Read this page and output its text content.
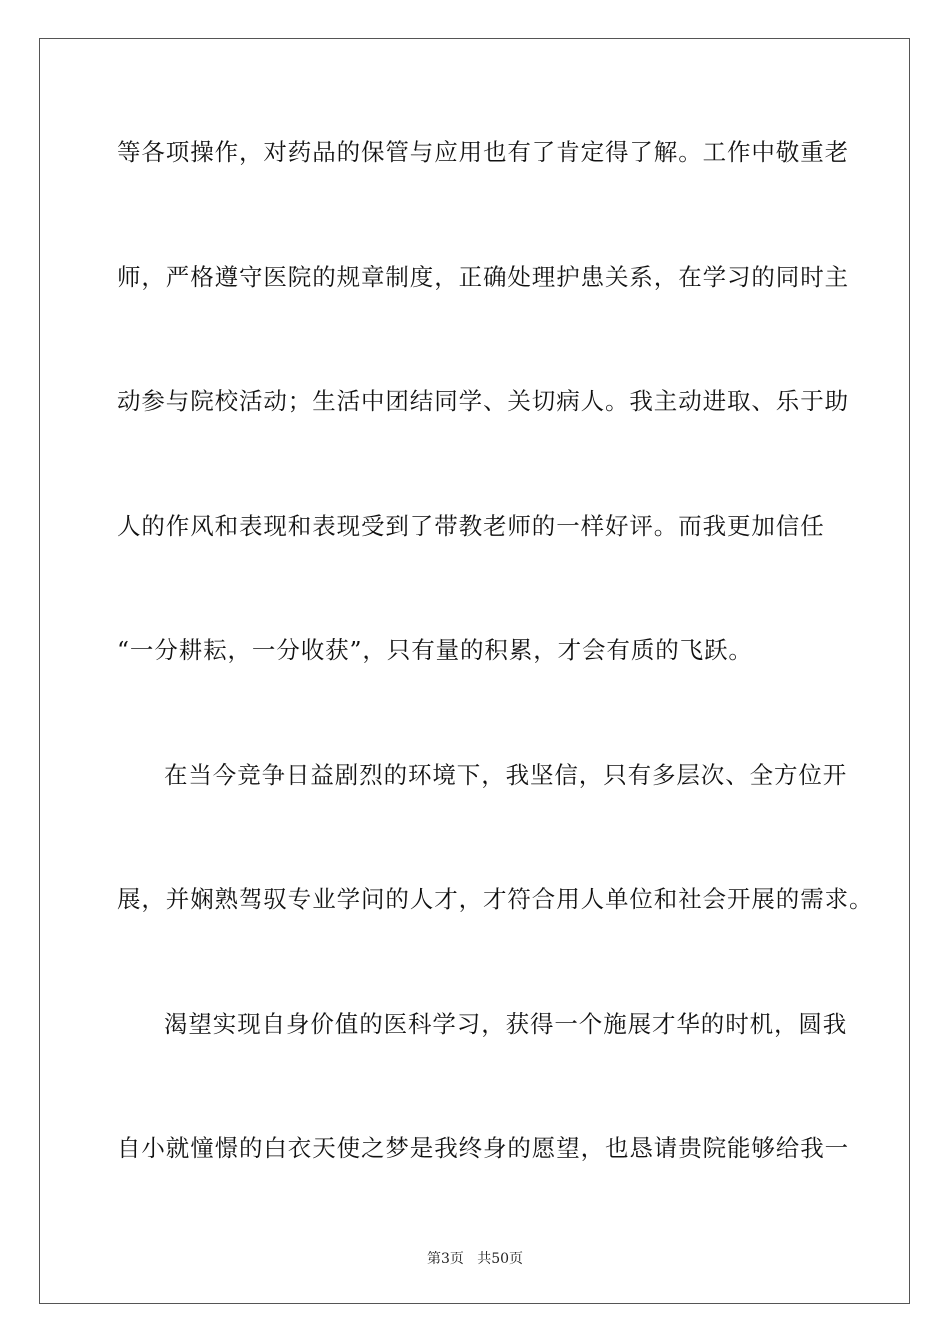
等各项操作，对药品的保管与应用也有了肯定得了解。工作中敬重老
师，严格遵守医院的规章制度，正确处理护患关系，在学习的同时主
动参与院校活动；生活中团结同学、关切病人。我主动进取、乐于助
人的作风和表现和表现受到了带教老师的一样好评。而我更加信任
“一分耕耘，一分收获”，只有量的积累，才会有质的飞跃。
在当今竞争日益剧烈的环境下，我坚信，只有多层次、全方位开
展，并娴熟驾驭专业学问的人才，才符合用人单位和社会开展的需求。
渴望实现自身价值的医科学习，获得一个施展才华的时机，圆我
自小就憧憬的白衣天使之梦是我终身的愿望，也恳请贵院能够给我一
第3页   共50页
